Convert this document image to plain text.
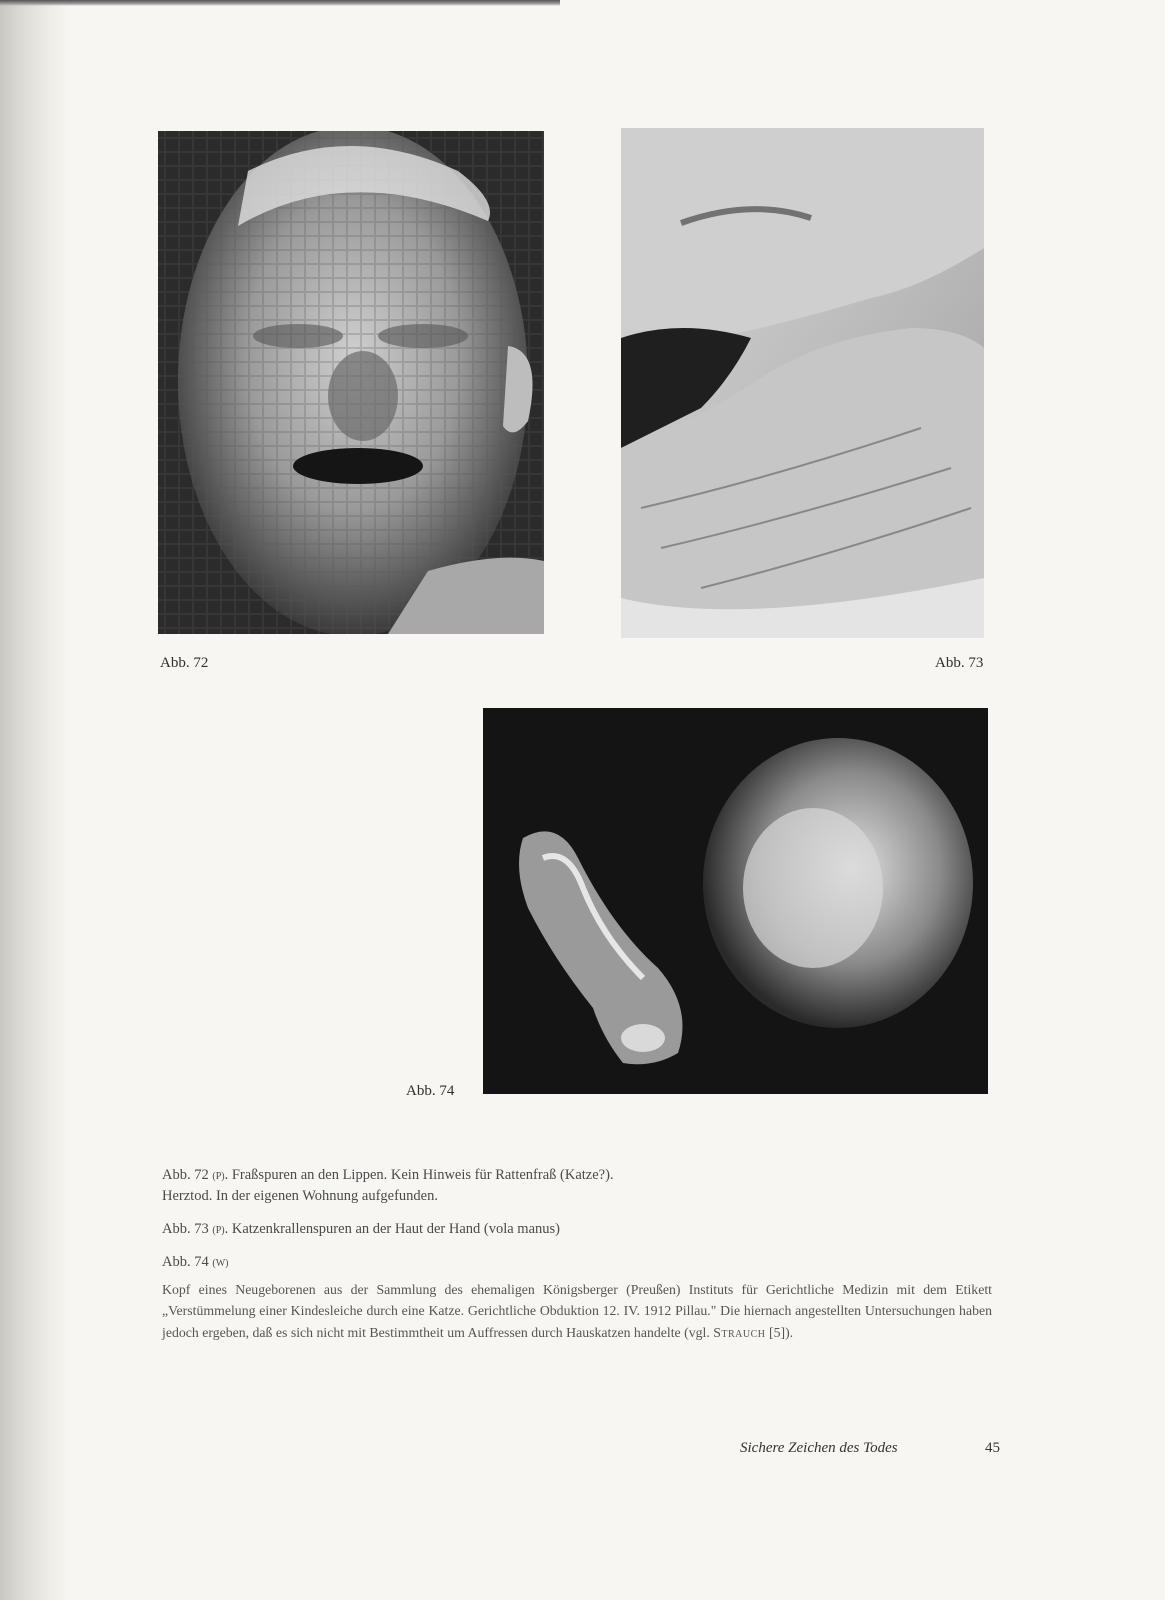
Abb. 72	Abb. 73
Abb. 74

Abb. 72 (P). Fraßspuren an den Lippen. Kein Hinweis für Rattenfraß (Katze?).

Herztod. In der eigenen Wohnung aufgefunden.

Abb. 73 (P). Katzenkrallenspuren an der Haut der Hand (vola manus)

Abb. 74 (W)

Kopf eines Neugeborenen aus der Sammlung des ehemaligen Königsberger (Preußen) Instituts für Gerichtliche Medizin mit dem Etikett „Verstümmelung einer Kindesleiche durch eine Katze. Gerichtliche Obduktion 12. IV. 1912 Pillau." Die hiernach angestellten Untersuchungen haben jedoch ergeben, daß es sich nicht mit Bestimmtheit um Auffressen durch Hauskatzen handelte (vgl. Strauch [5]).

Sichere Zeichen des Todes	45
